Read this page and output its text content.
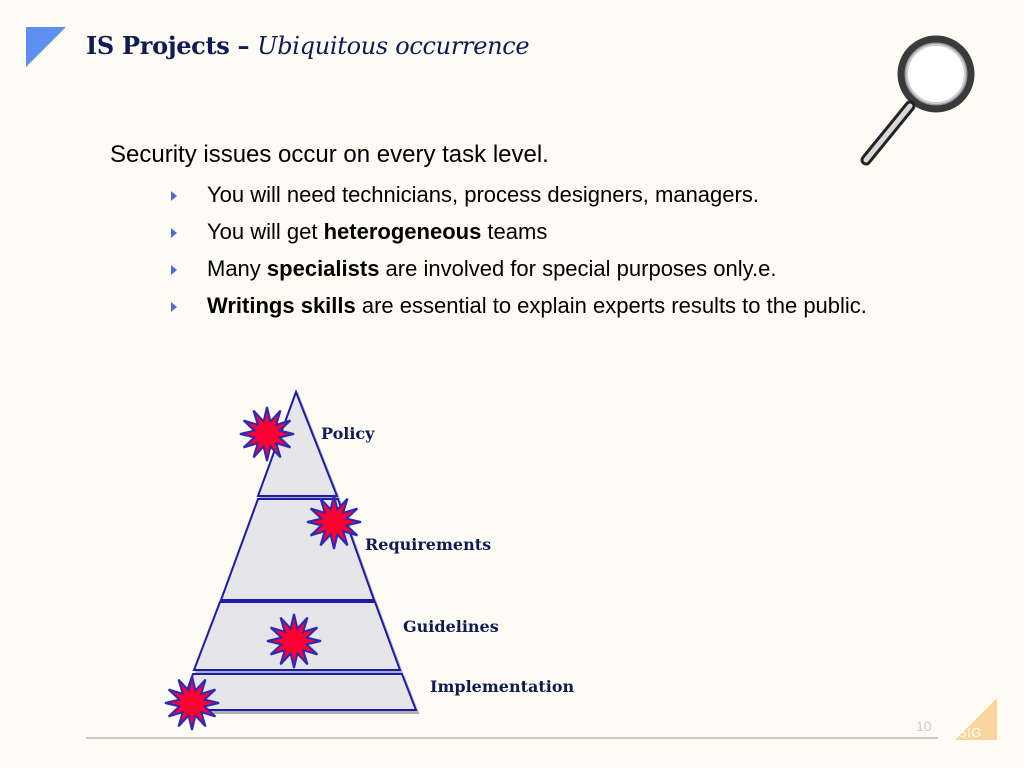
IS Projects – Ubiquitous occurrence
Security issues occur on every task level.
You will need technicians, process designers, managers.
You will get heterogeneous teams
Many specialists are involved for special purposes only.e.
Writings skills are essential to explain experts results to the public.
Policy
Requirements
Guidelines
Implementation
10 SIG
